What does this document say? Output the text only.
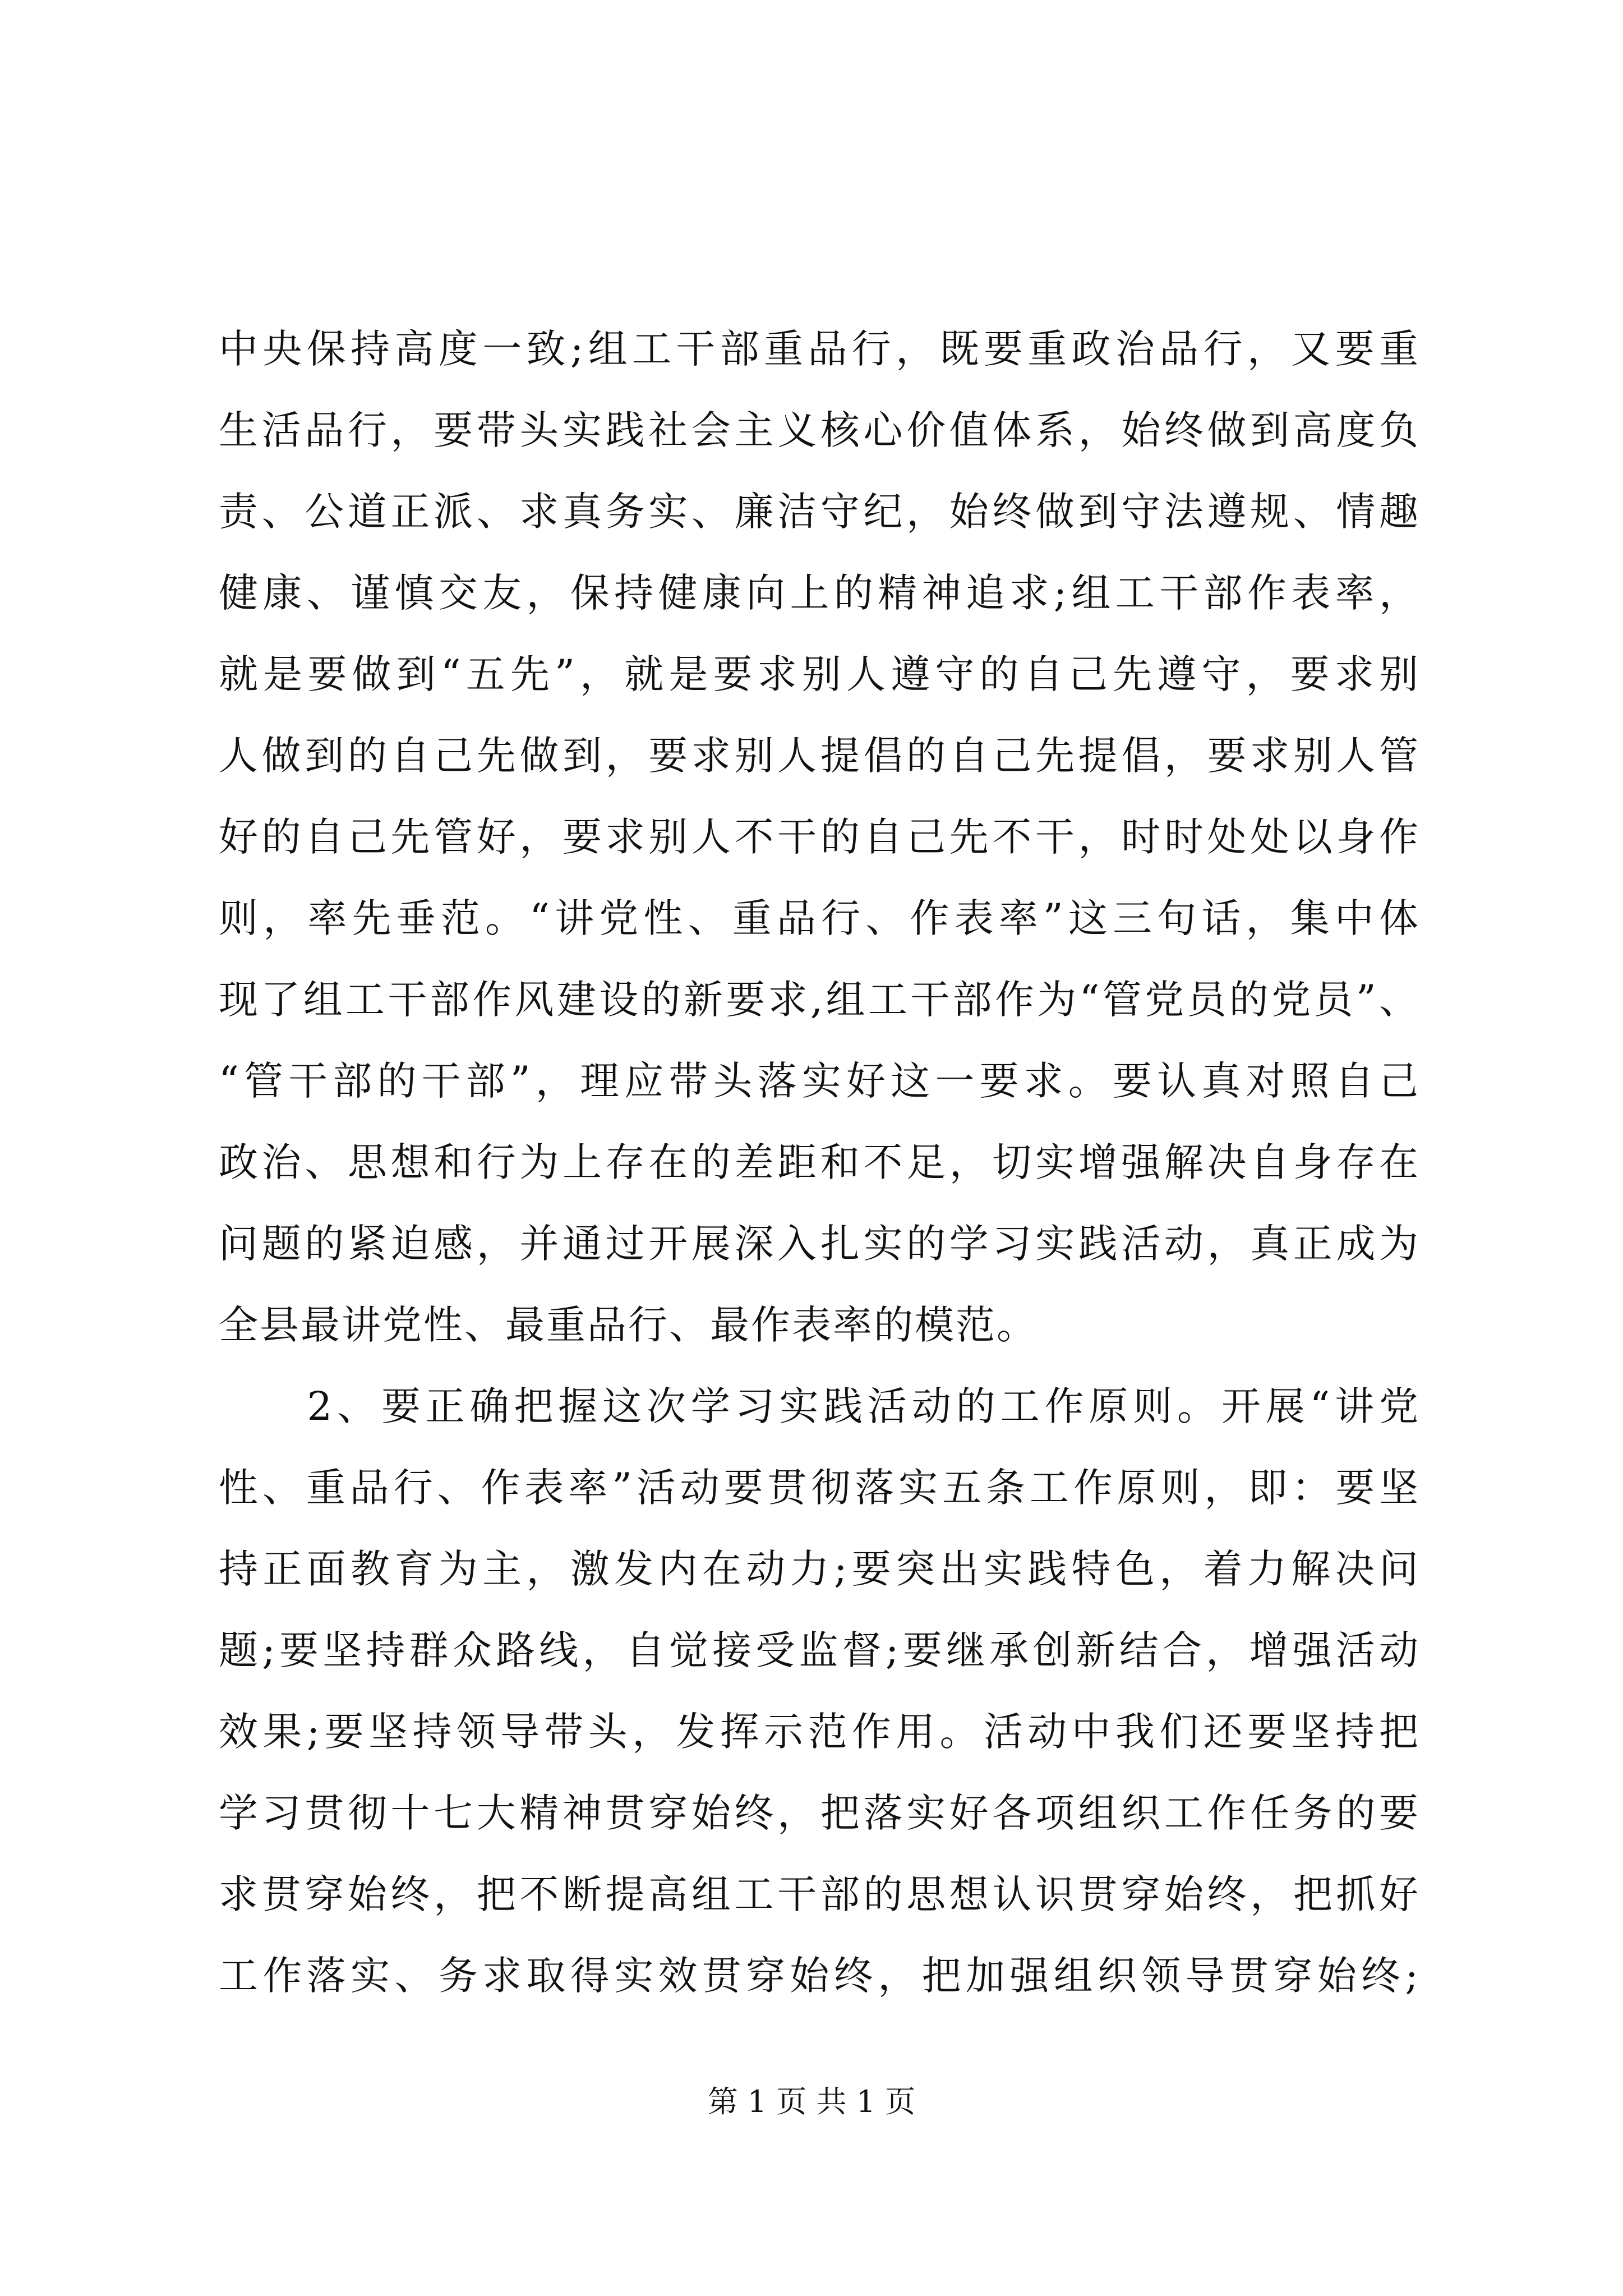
中央保持高度一致;组工干部重品行，既要重政治品行，又要重
生活品行，要带头实践社会主义核心价值体系，始终做到高度负
责、公道正派、求真务实、廉洁守纪，始终做到守法遵规、情趣
健康、谨慎交友，保持健康向上的精神追求;组工干部作表率，
就是要做到“五先”，就是要求别人遵守的自己先遵守，要求别
人做到的自己先做到，要求别人提倡的自己先提倡，要求别人管
好的自己先管好，要求别人不干的自己先不干，时时处处以身作
则，率先垂范。“讲党性、重品行、作表率”这三句话，集中体
现了组工干部作风建设的新要求,组工干部作为“管党员的党员”、
“管干部的干部”，理应带头落实好这一要求。要认真对照自己
政治、思想和行为上存在的差距和不足，切实增强解决自身存在
问题的紧迫感，并通过开展深入扎实的学习实践活动，真正成为
全县最讲党性、最重品行、最作表率的模范。
　　2、要正确把握这次学习实践活动的工作原则。开展“讲党
性、重品行、作表率”活动要贯彻落实五条工作原则，即：要坚
持正面教育为主，激发内在动力;要突出实践特色，着力解决问
题;要坚持群众路线，自觉接受监督;要继承创新结合，增强活动
效果;要坚持领导带头，发挥示范作用。活动中我们还要坚持把
学习贯彻十七大精神贯穿始终，把落实好各项组织工作任务的要
求贯穿始终，把不断提高组工干部的思想认识贯穿始终，把抓好
工作落实、务求取得实效贯穿始终，把加强组织领导贯穿始终;
第 1 页 共 1 页
